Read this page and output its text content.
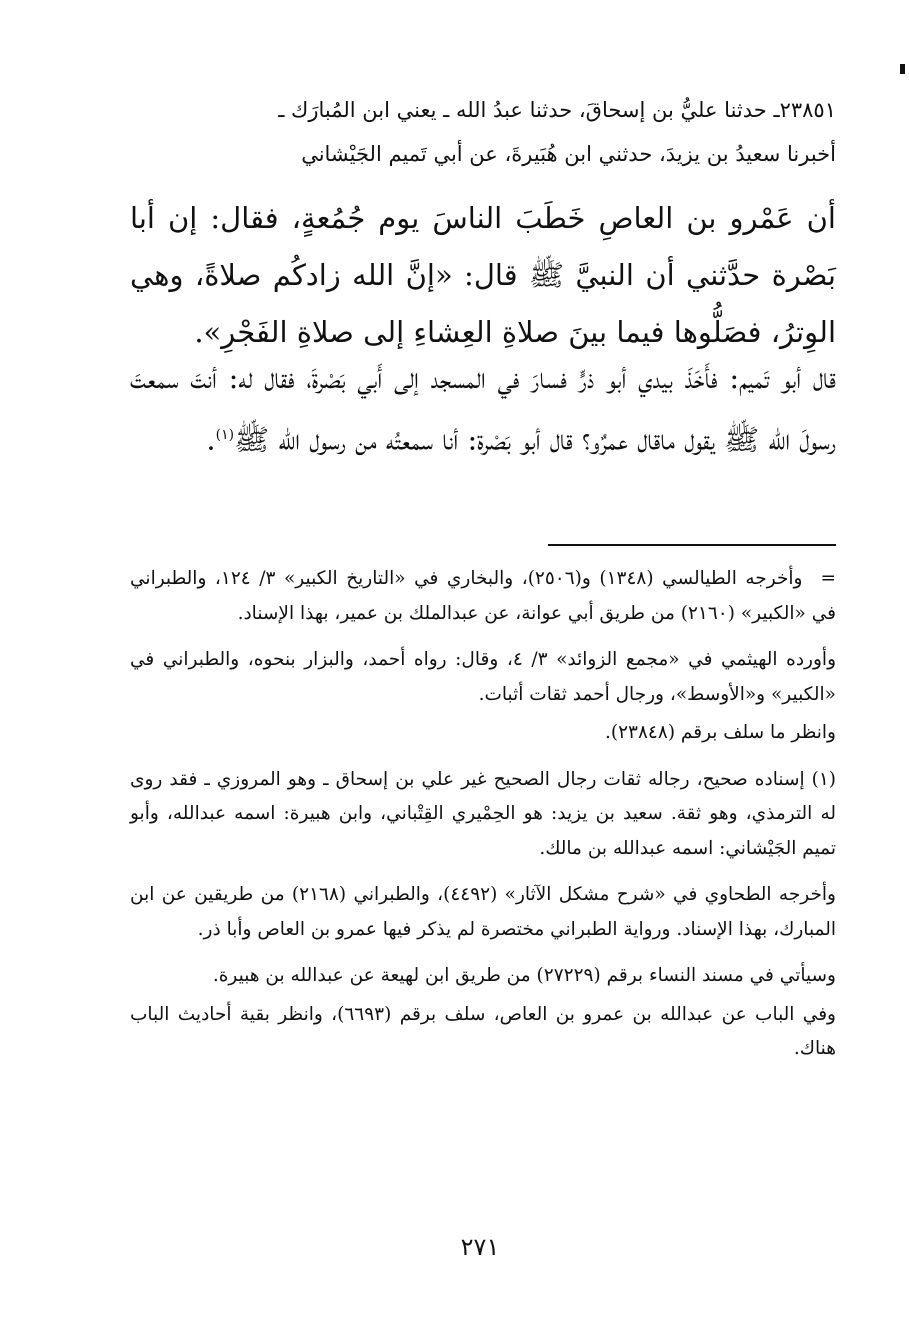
٢٣٨٥١ـ حدثنا عليُّ بن إسحاقَ، حدثنا عبدُ الله ـ يعني ابن المُبارَك ـ

أخبرنا سعيدُ بن يزيدَ، حدثني ابن هُبَيرةَ، عن أبي تَميم الجَيْشاني

أن عَمْرو بن العاصِ خَطَبَ الناسَ يوم جُمُعةٍ، فقال: إن أبا بَصْرة حدَّثني أن النبيَّ ﷺ قال: «إنَّ الله زادكُم صلاةً، وهي الوِترُ، فصَلُّوها فيما بينَ صلاةِ العِشاءِ إلى صلاةِ الفَجْرِ».

قال أبو تَميم: فأَخَذَ بيدي أبو ذرٍّ فسارَ في المسجد إلى أَبي بَصْرةَ، فقال له: أنتَ سمعتَ رسولَ الله ﷺ يقول ماقال عمرٌو؟ قال أبو بَصْرة: أنا سمعتُه من رسول الله ﷺ$^{(١)}$.

=وأخرجه الطيالسي (١٣٤٨) و(٢٥٠٦)، والبخاري في «التاريخ الكبير» ٣/ ١٢٤، والطبراني في «الكبير» (٢١٦٠) من طريق أبي عوانة، عن عبدالملك بن عمير، بهذا الإسناد.

وأورده الهيثمي في «مجمع الزوائد» ٣/ ٤، وقال: رواه أحمد، والبزار بنحوه، والطبراني في «الكبير» و«الأوسط»، ورجال أحمد ثقات أثبات.

وانظر ما سلف برقم (٢٣٨٤٨).

(١) إسناده صحيح، رجاله ثقات رجال الصحيح غير علي بن إسحاق ـ وهو المروزي ـ فقد روى له الترمذي، وهو ثقة. سعيد بن يزيد: هو الحِمْيري القِتْباني، وابن هبيرة: اسمه عبدالله، وأبو تميم الجَيْشاني: اسمه عبدالله بن مالك.

وأخرجه الطحاوي في «شرح مشكل الآثار» (٤٤٩٢)، والطبراني (٢١٦٨) من طريقين عن ابن المبارك، بهذا الإسناد. ورواية الطبراني مختصرة لم يذكر فيها عمرو بن العاص وأبا ذر.

وسيأتي في مسند النساء برقم (٢٧٢٢٩) من طريق ابن لهيعة عن عبدالله بن هبيرة.

وفي الباب عن عبدالله بن عمرو بن العاص، سلف برقم (٦٦٩٣)، وانظر بقية أحاديث الباب هناك.

٢٧١
